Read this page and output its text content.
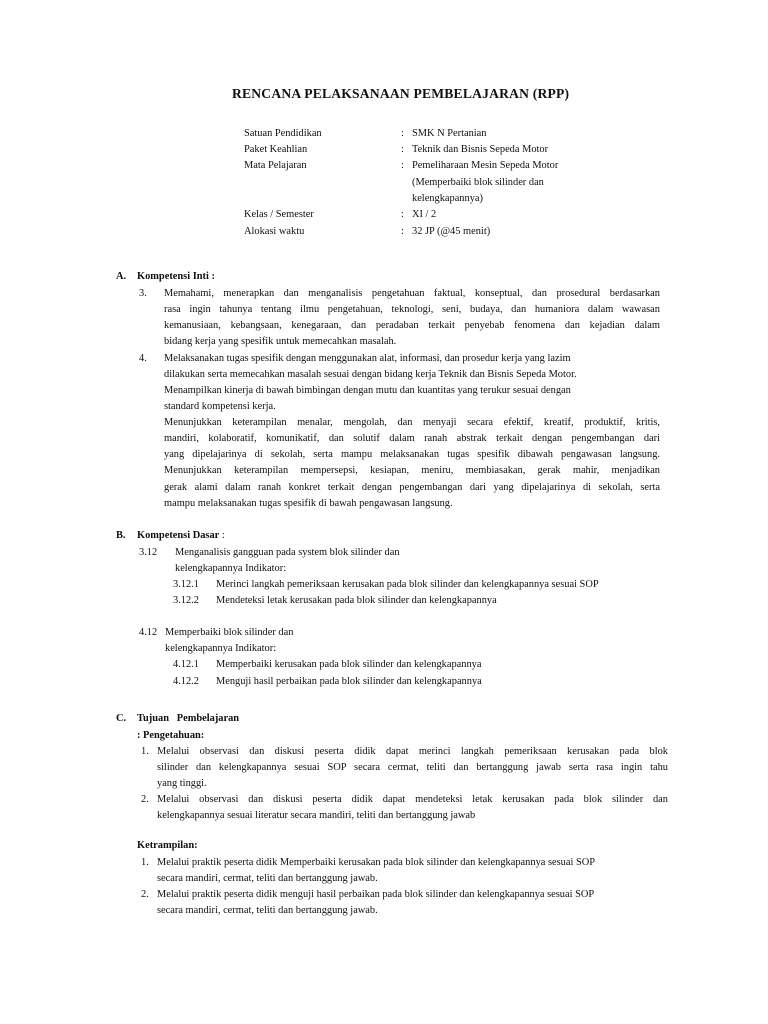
RENCANA PELAKSANAAN PEMBELAJARAN (RPP)
Satuan Pendidikan	: SMK N Pertanian
Paket Keahlian	: Teknik dan Bisnis Sepeda Motor
Mata Pelajaran	: Pemeliharaan Mesin Sepeda Motor
(Memperbaiki blok silinder dan
kelengkapannya)
Kelas / Semester	: XI / 2
Alokasi waktu	: 32 JP (@45 menit)
A. Kompetensi Inti :
3. Memahami, menerapkan dan menganalisis pengetahuan faktual, konseptual, dan prosedural berdasarkan
rasa ingin tahunya tentang ilmu pengetahuan, teknologi, seni, budaya, dan humaniora dalam wawasan
kemanusiaan, kebangsaan, kenegaraan, dan peradaban terkait penyebab fenomena dan kejadian dalam
bidang kerja yang spesifik untuk memecahkan masalah.
4. Melaksanakan tugas spesifik dengan menggunakan alat, informasi, dan prosedur kerja yang lazim
dilakukan serta memecahkan masalah sesuai dengan bidang kerja Teknik dan Bisnis Sepeda Motor.
Menampilkan kinerja di bawah bimbingan dengan mutu dan kuantitas yang terukur sesuai dengan
standard kompetensi kerja.
Menunjukkan keterampilan menalar, mengolah, dan menyaji secara efektif, kreatif, produktif, kritis,
mandiri, kolaboratif, komunikatif, dan solutif dalam ranah abstrak terkait dengan pengembangan dari
yang dipelajarinya di sekolah, serta mampu melaksanakan tugas spesifik dibawah pengawasan langsung.
Menunjukkan keterampilan mempersepsi, kesiapan, meniru, membiasakan, gerak mahir, menjadikan
gerak alami dalam ranah konkret terkait dengan pengembangan dari yang dipelajarinya di sekolah, serta
mampu melaksanakan tugas spesifik di bawah pengawasan langsung.
B. Kompetensi Dasar :
3.12 Menganalisis gangguan pada system blok silinder dan
kelengkapannya Indikator:
3.12.1 Merinci langkah pemeriksaan kerusakan pada blok silinder dan kelengkapannya sesuai SOP
3.12.2 Mendeteksi letak kerusakan pada blok silinder dan kelengkapannya
4.12 Memperbaiki blok silinder dan
kelengkapannya Indikator:
4.12.1 Memperbaiki kerusakan pada blok silinder dan kelengkapannya
4.12.2 Menguji hasil perbaikan pada blok silinder dan kelengkapannya
C. Tujuan   Pembelajaran
: Pengetahuan:
1. Melalui observasi dan diskusi peserta didik dapat merinci langkah pemeriksaan kerusakan pada blok
silinder dan kelengkapannya sesuai SOP secara cermat, teliti dan bertanggung jawab serta rasa ingin tahu
yang tinggi.
2. Melalui observasi dan diskusi peserta didik dapat mendeteksi letak kerusakan pada blok silinder dan
kelengkapannya sesuai literatur secara mandiri, teliti dan bertanggung jawab
Ketrampilan:
1. Melalui praktik peserta didik Memperbaiki kerusakan pada blok silinder dan kelengkapannya sesuai SOP
secara mandiri, cermat, teliti dan bertanggung jawab.
2. Melalui praktik peserta didik menguji hasil perbaikan pada blok silinder dan kelengkapannya sesuai SOP
secara mandiri, cermat, teliti dan bertanggung jawab.
